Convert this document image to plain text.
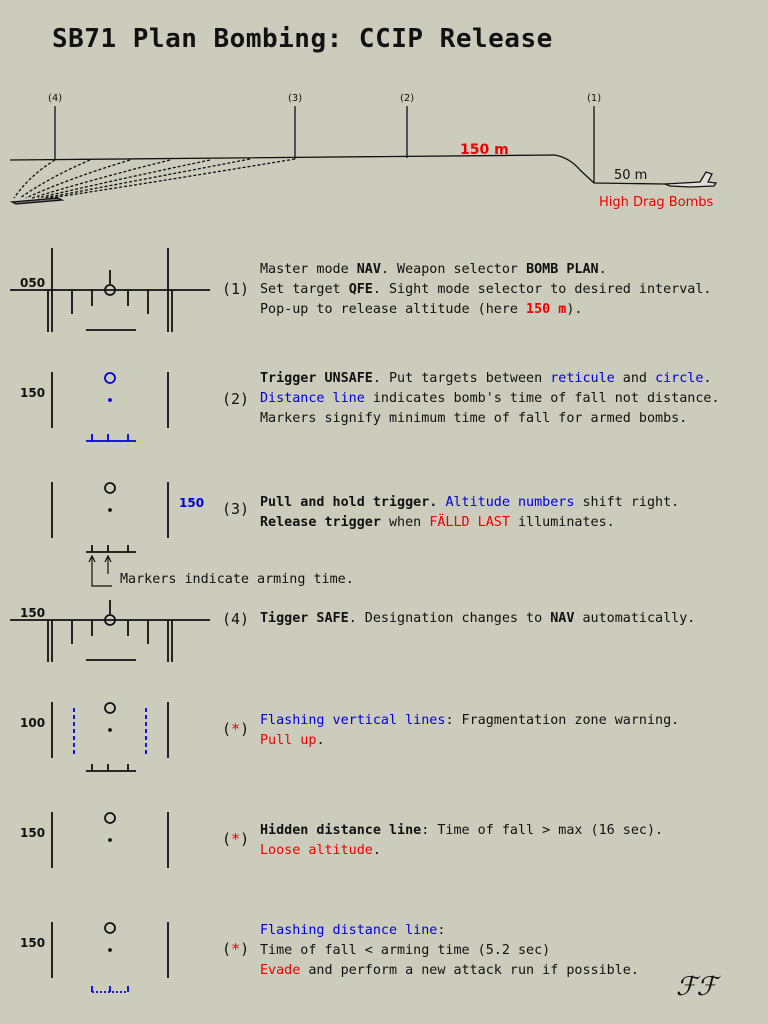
SB71 Plan Bombing: CCIP Release
(4)	(3)	(2)	(1)
150 m
50 m
High Drag Bombs
050
150
150
150
100
150
150
(1)
(2)
(3)
(4)
(*)
(*)
(*)
Master mode NAV. Weapon selector BOMB PLAN.
Set target QFE. Sight mode selector to desired interval.
Pop-up to release altitude (here 150 m).
Trigger UNSAFE. Put targets between reticule and circle.
Distance line indicates bomb's time of fall not distance.
Markers signify minimum time of fall for armed bombs.
Pull and hold trigger. Altitude numbers shift right.
Release trigger when FÄLLD LAST illuminates.
Markers indicate arming time.
Tigger SAFE. Designation changes to NAV automatically.
Flashing vertical lines: Fragmentation zone warning.
Pull up.
Hidden distance line: Time of fall > max (16 sec).
Loose altitude.
Flashing distance line:
Time of fall < arming time (5.2 sec)
Evade and perform a new attack run if possible.
ℱℱ
